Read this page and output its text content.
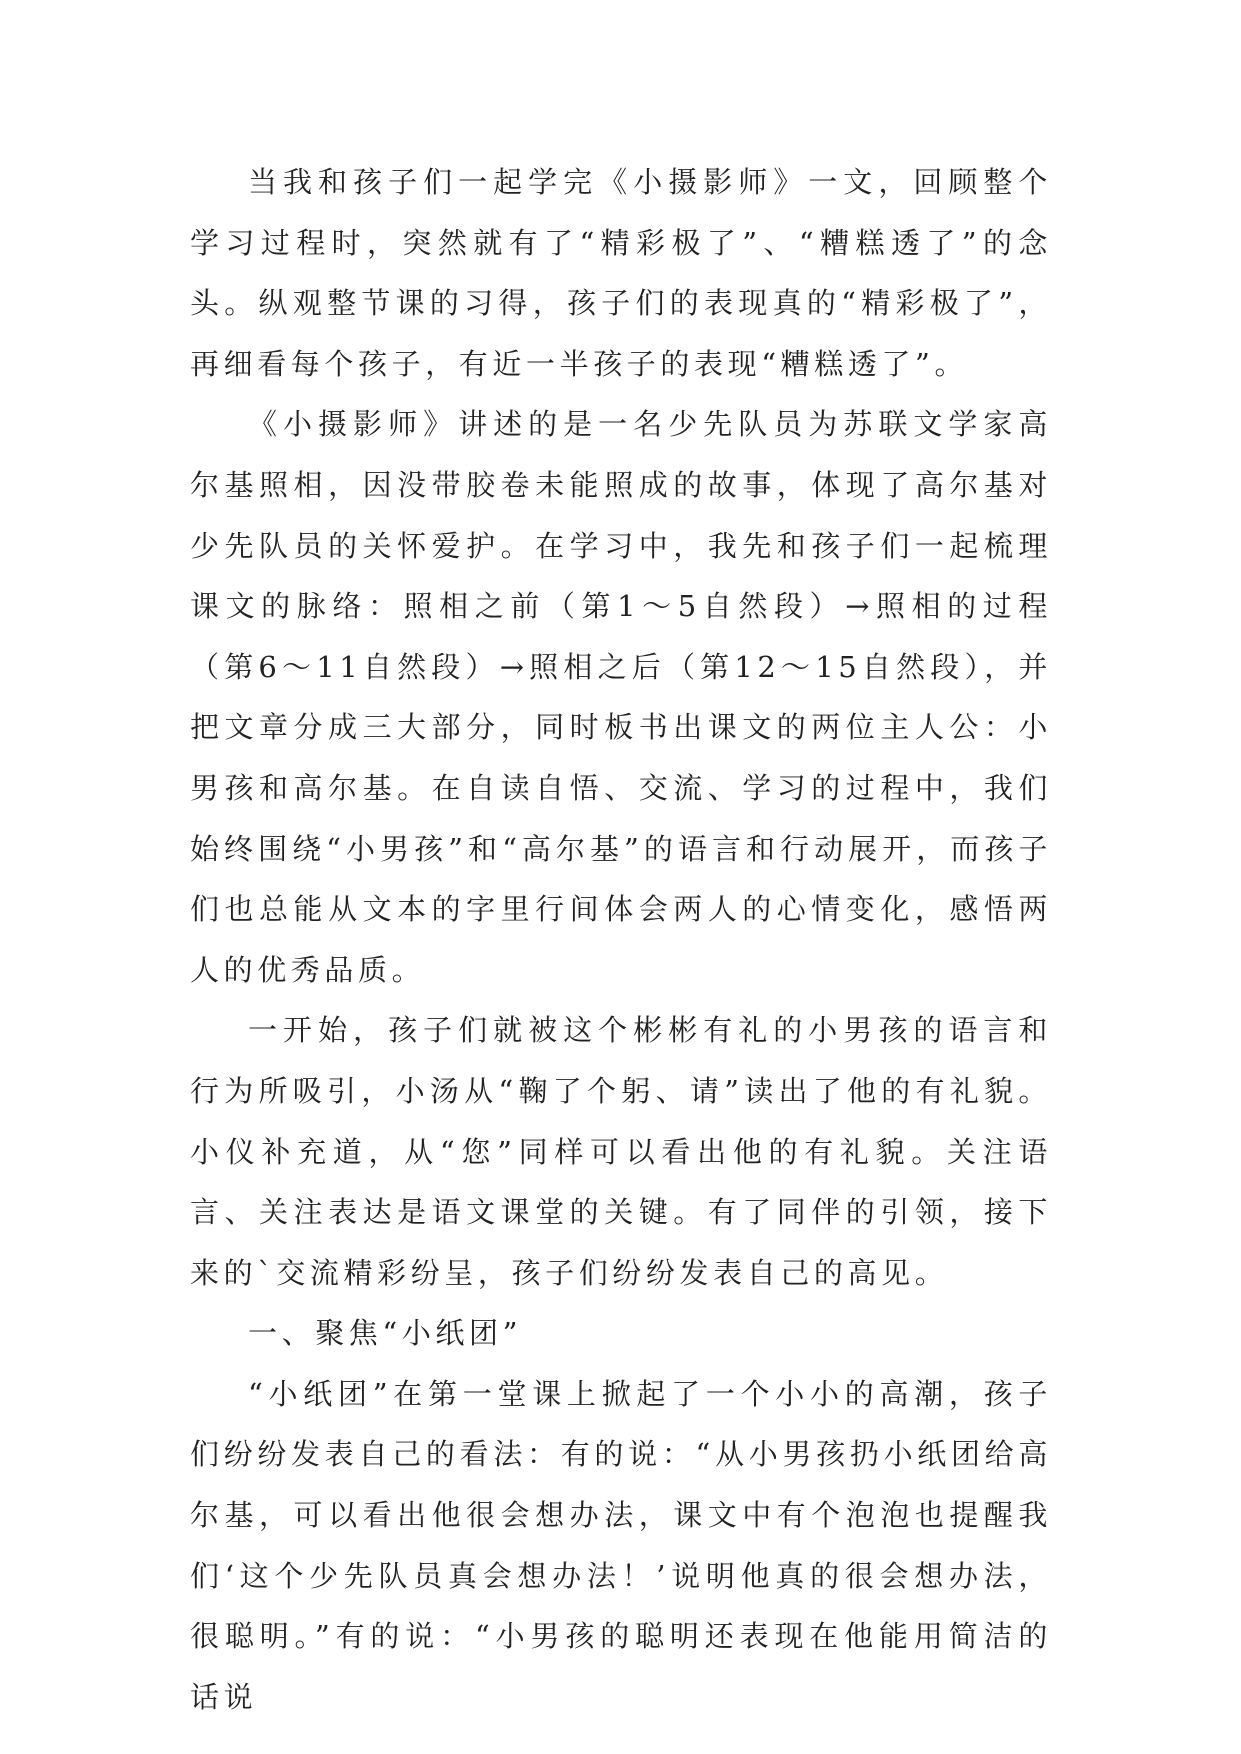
当我和孩子们一起学完《小摄影师》一文，回顾整个学习过程时，突然就有了“精彩极了”、“糟糕透了”的念头。纵观整节课的习得，孩子们的表现真的“精彩极了”，再细看每个孩子，有近一半孩子的表现“糟糕透了”。

《小摄影师》讲述的是一名少先队员为苏联文学家高尔基照相，因没带胶卷未能照成的故事，体现了高尔基对少先队员的关怀爱护。在学习中，我先和孩子们一起梳理课文的脉络：照相之前（第1～5自然段）→照相的过程（第6～11自然段）→照相之后（第12～15自然段），并把文章分成三大部分，同时板书出课文的两位主人公：小男孩和高尔基。在自读自悟、交流、学习的过程中，我们始终围绕“小男孩”和“高尔基”的语言和行动展开，而孩子们也总能从文本的字里行间体会两人的心情变化，感悟两人的优秀品质。

一开始，孩子们就被这个彬彬有礼的小男孩的语言和行为所吸引，小汤从“鞠了个躬、请”读出了他的有礼貌。小仪补充道，从“您”同样可以看出他的有礼貌。关注语言、关注表达是语文课堂的关键。有了同伴的引领，接下来的`交流精彩纷呈，孩子们纷纷发表自己的高见。

一、聚焦“小纸团”

“小纸团”在第一堂课上掀起了一个小小的高潮，孩子们纷纷发表自己的看法：有的说：“从小男孩扔小纸团给高尔基，可以看出他很会想办法，课文中有个泡泡也提醒我们‘这个少先队员真会想办法！’说明他真的很会想办法，很聪明。”有的说：“小男孩的聪明还表现在他能用简洁的话说
